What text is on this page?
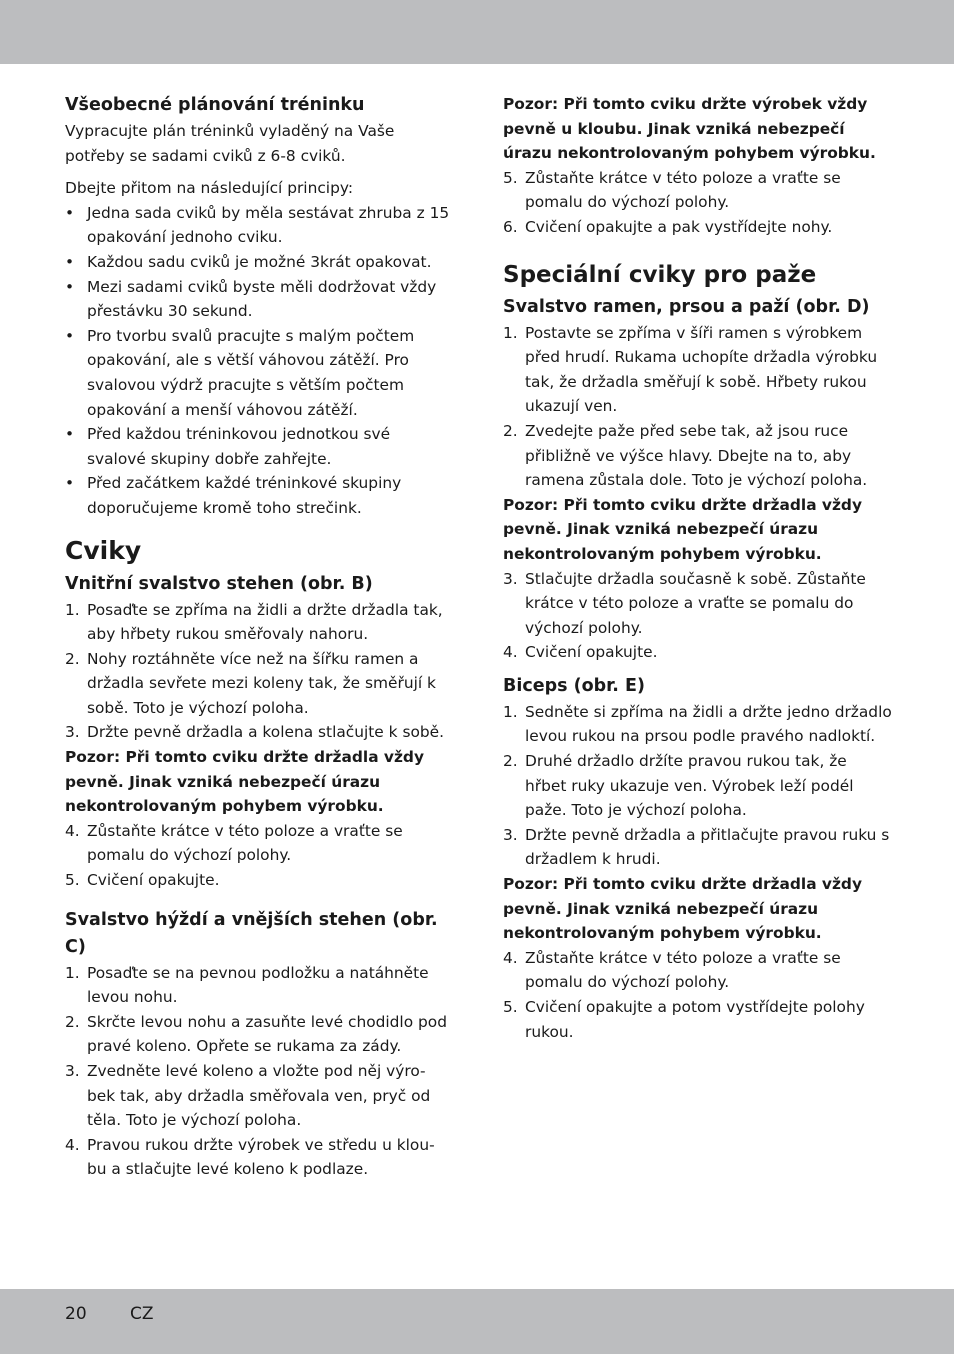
Všeobecné plánování tréninku

Vypracujte plán tréninků vyladěný na Vaše potřeby se sadami cviků z 6-8 cviků.

Dbejte přitom na následující principy:

• Jedna sada cviků by měla sestávat zhruba z 15 opakování jednoho cviku.
• Každou sadu cviků je možné 3krát opakovat.
• Mezi sadami cviků byste měli dodržovat vždy přestávku 30 sekund.
• Pro tvorbu svalů pracujte s malým počtem opakování, ale s větší váhovou zátěží. Pro svalovou výdrž pracujte s větším počtem opakování a menší váhovou zátěží.
• Před každou tréninkovou jednotkou své svalové skupiny dobře zahřejte.
• Před začátkem každé tréninkové skupiny doporučujeme kromě toho strečink.
Cviky
Vnitřní svalstvo stehen (obr. B)
1. Posaďte se zpříma na židli a držte držadla tak, aby hřbety rukou směřovaly nahoru.
2. Nohy roztáhněte více než na šířku ramen a držadla sevřete mezi koleny tak, že směřují k sobě. Toto je výchozí poloha.
3. Držte pevně držadla a kolena stlačujte k sobě.

Pozor: Při tomto cviku držte držadla vždy pevně. Jinak vzniká nebezpečí úrazu nekontrolovaným pohybem výrobku.

4. Zůstaňte krátce v této poloze a vraťte se pomalu do výchozí polohy.
5. Cvičení opakujte.
Svalstvo hýždí a vnějších stehen (obr. C)
1. Posaďte se na pevnou podložku a natáhněte levou nohu.
2. Skrčte levou nohu a zasuňte levé chodidlo pod pravé koleno. Opřete se rukama za zády.
3. Zvedněte levé koleno a vložte pod něj výro-bek tak, aby držadla směřovala ven, pryč od těla. Toto je výchozí poloha.
4. Pravou rukou držte výrobek ve středu u klou-bu a stlačujte levé koleno k podlaze.

Pozor: Při tomto cviku držte výrobek vždy pevně u kloubu. Jinak vzniká nebezpečí úrazu nekontrolovaným pohybem výrobku.

5. Zůstaňte krátce v této poloze a vraťte se pomalu do výchozí polohy.
6. Cvičení opakujte a pak vystřídejte nohy.
Speciální cviky pro paže
Svalstvo ramen, prsou a paží (obr. D)
1. Postavte se zpříma v šíři ramen s výrobkem před hrudí. Rukama uchopíte držadla výrobku tak, že držadla směřují k sobě. Hřbety rukou ukazují ven.
2. Zvedejte paže před sebe tak, až jsou ruce přibližně ve výšce hlavy. Dbejte na to, aby ramena zůstala dole. Toto je výchozí poloha.

Pozor: Při tomto cviku držte držadla vždy pevně. Jinak vzniká nebezpečí úrazu nekontrolovaným pohybem výrobku.

3. Stlačujte držadla současně k sobě. Zůstaňte krátce v této poloze a vraťte se pomalu do výchozí polohy.
4. Cvičení opakujte.
Biceps (obr. E)
1. Sedněte si zpříma na židli a držte jedno držadlo levou rukou na prsou podle pravého nadloktí.
2. Druhé držadlo držíte pravou rukou tak, že hřbet ruky ukazuje ven. Výrobek leží podél paže. Toto je výchozí poloha.
3. Držte pevně držadla a přitlačujte pravou ruku s držadlem k hrudi.

Pozor: Při tomto cviku držte držadla vždy pevně. Jinak vzniká nebezpečí úrazu nekontrolovaným pohybem výrobku.

4. Zůstaňte krátce v této poloze a vraťte se pomalu do výchozí polohy.
5. Cvičení opakujte a potom vystřídejte polohy rukou.
20	CZ
